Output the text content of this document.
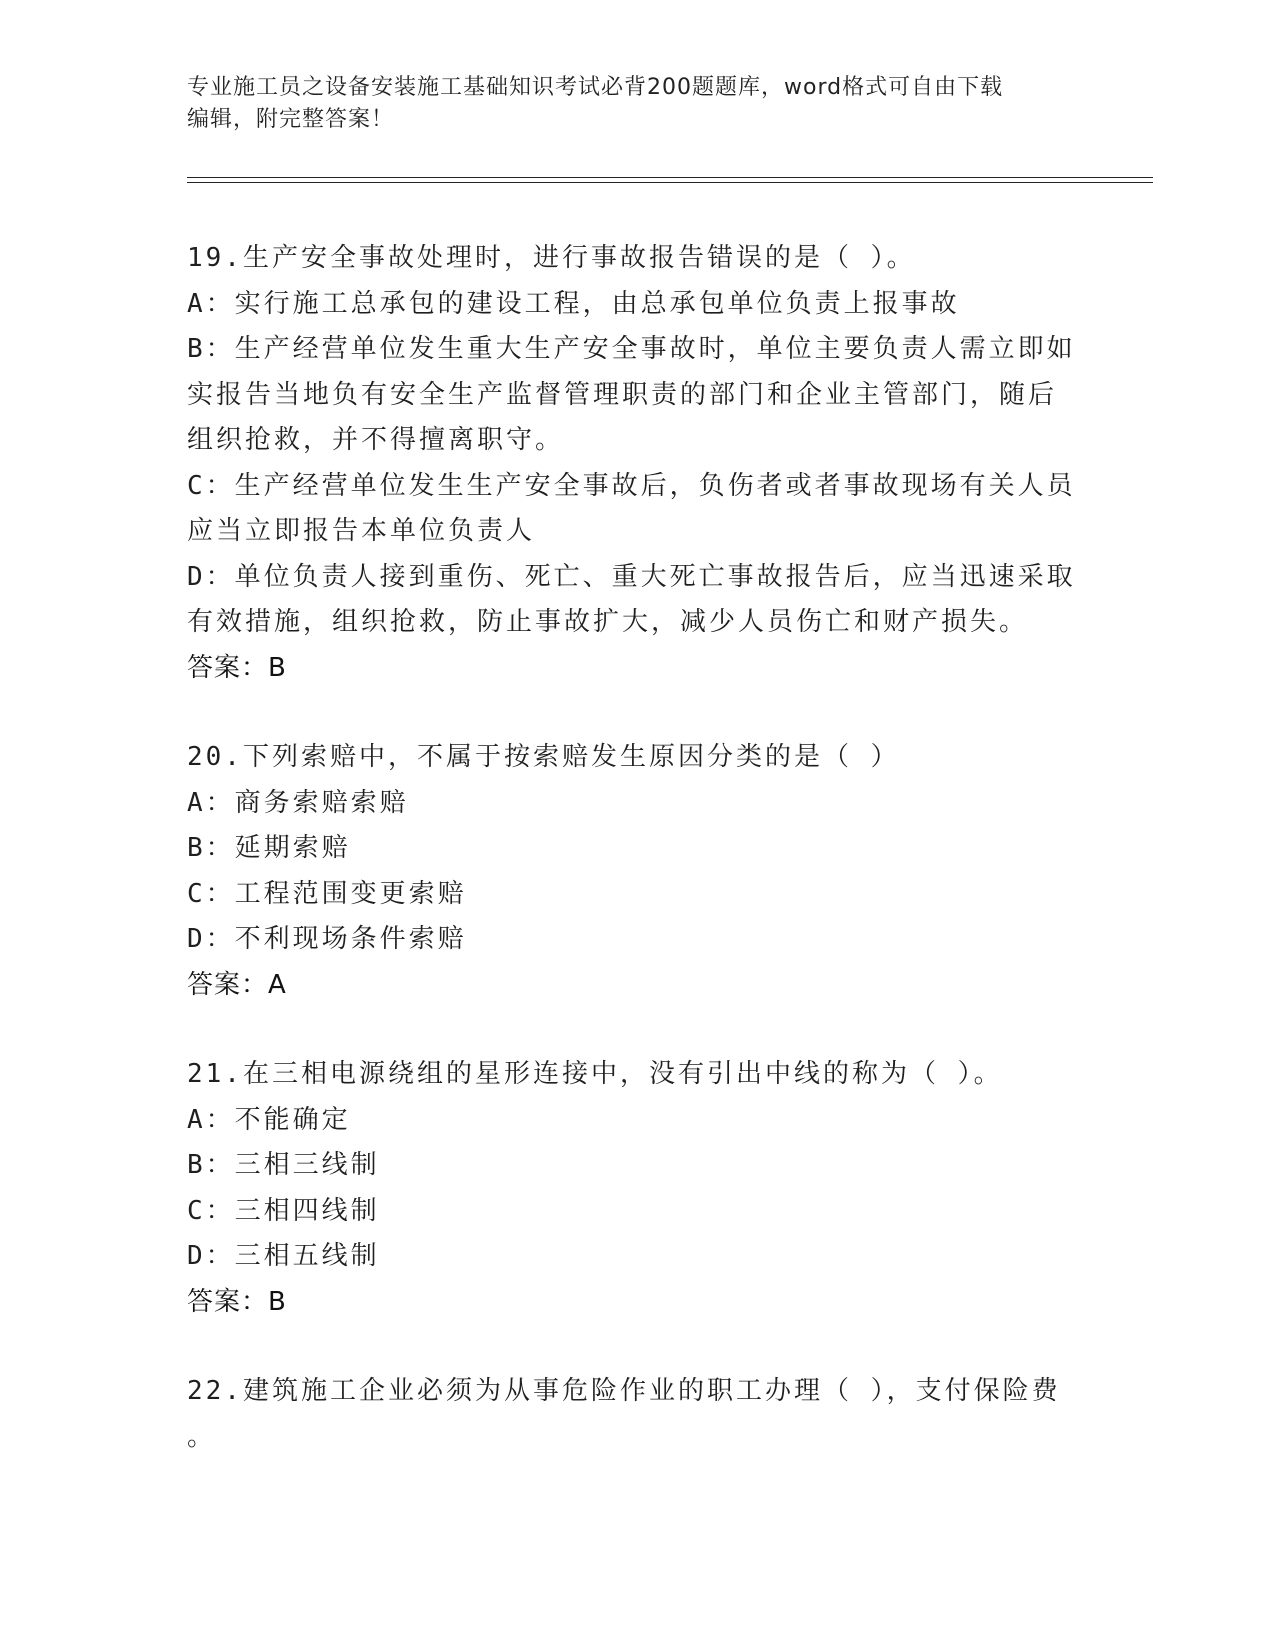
专业施工员之设备安装施工基础知识考试必背200题题库，word格式可自由下载
编辑，附完整答案！
19.生产安全事故处理时，进行事故报告错误的是（ ）。
A：实行施工总承包的建设工程，由总承包单位负责上报事故
B：生产经营单位发生重大生产安全事故时，单位主要负责人需立即如
实报告当地负有安全生产监督管理职责的部门和企业主管部门，随后
组织抢救，并不得擅离职守。
C：生产经营单位发生生产安全事故后，负伤者或者事故现场有关人员
应当立即报告本单位负责人
D：单位负责人接到重伤、死亡、重大死亡事故报告后，应当迅速采取
有效措施，组织抢救，防止事故扩大，减少人员伤亡和财产损失。
答案：B
20.下列索赔中，不属于按索赔发生原因分类的是（ ）
A：商务索赔索赔
B：延期索赔
C：工程范围变更索赔
D：不利现场条件索赔
答案：A
21.在三相电源绕组的星形连接中，没有引出中线的称为（ ）。
A：不能确定
B：三相三线制
C：三相四线制
D：三相五线制
答案：B
22.建筑施工企业必须为从事危险作业的职工办理（ ），支付保险费
。
